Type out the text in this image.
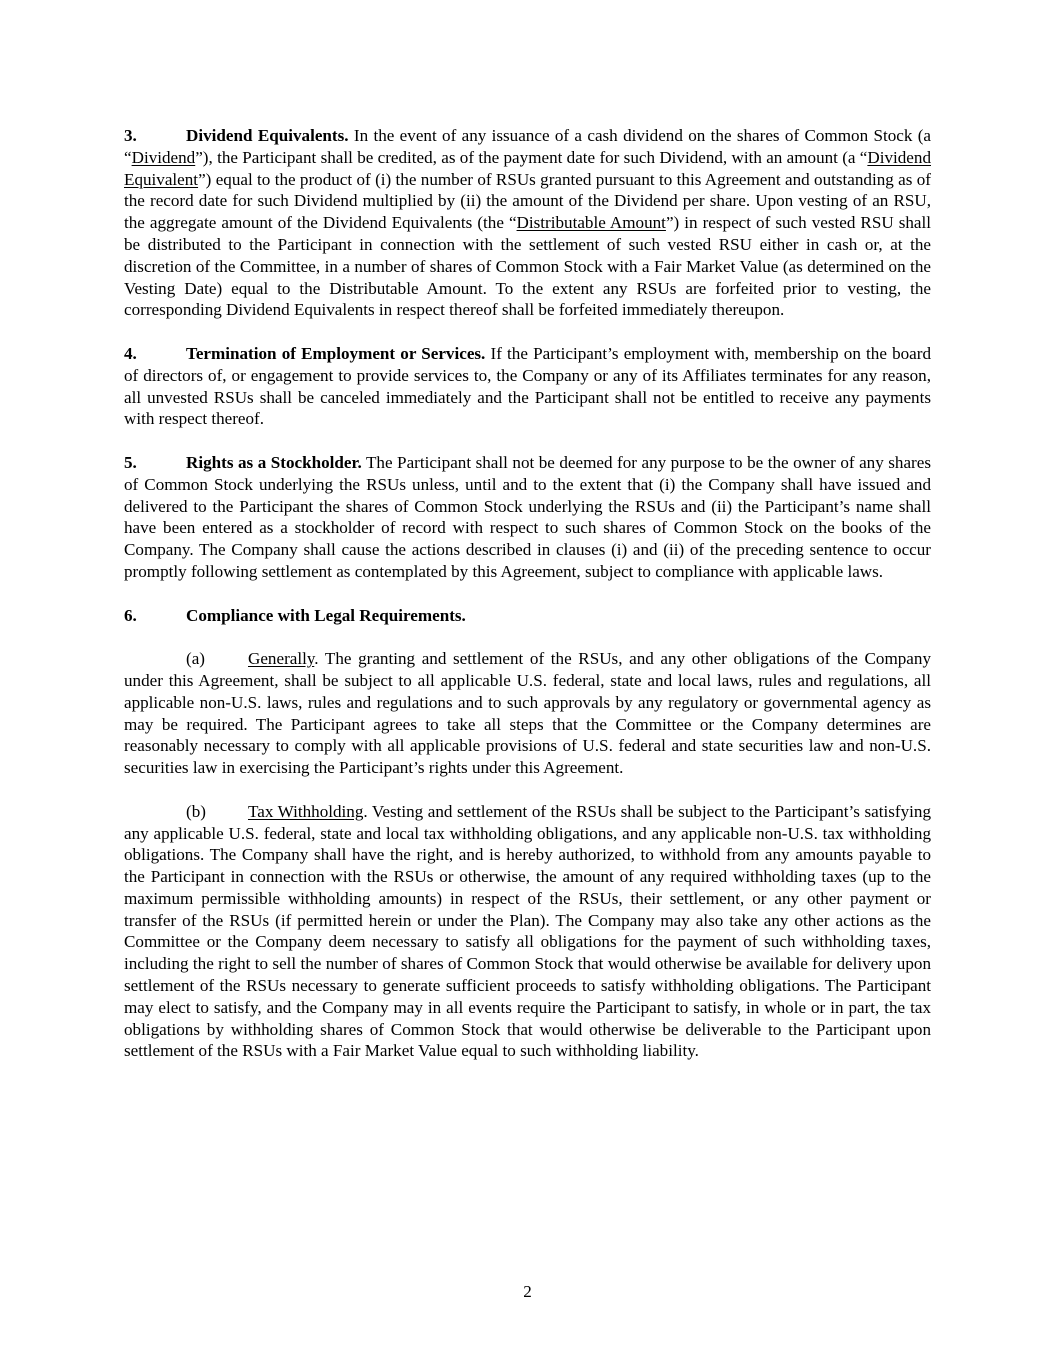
3.	Dividend Equivalents. In the event of any issuance of a cash dividend on the shares of Common Stock (a “Dividend”), the Participant shall be credited, as of the payment date for such Dividend, with an amount (a “Dividend Equivalent”) equal to the product of (i) the number of RSUs granted pursuant to this Agreement and outstanding as of the record date for such Dividend multiplied by (ii) the amount of the Dividend per share. Upon vesting of an RSU, the aggregate amount of the Dividend Equivalents (the “Distributable Amount”) in respect of such vested RSU shall be distributed to the Participant in connection with the settlement of such vested RSU either in cash or, at the discretion of the Committee, in a number of shares of Common Stock with a Fair Market Value (as determined on the Vesting Date) equal to the Distributable Amount. To the extent any RSUs are forfeited prior to vesting, the corresponding Dividend Equivalents in respect thereof shall be forfeited immediately thereupon.

4.	Termination of Employment or Services. If the Participant’s employment with, membership on the board of directors of, or engagement to provide services to, the Company or any of its Affiliates terminates for any reason, all unvested RSUs shall be canceled immediately and the Participant shall not be entitled to receive any payments with respect thereof.

5.	Rights as a Stockholder. The Participant shall not be deemed for any purpose to be the owner of any shares of Common Stock underlying the RSUs unless, until and to the extent that (i) the Company shall have issued and delivered to the Participant the shares of Common Stock underlying the RSUs and (ii) the Participant’s name shall have been entered as a stockholder of record with respect to such shares of Common Stock on the books of the Company. The Company shall cause the actions described in clauses (i) and (ii) of the preceding sentence to occur promptly following settlement as contemplated by this Agreement, subject to compliance with applicable laws.

6.	Compliance with Legal Requirements.

(a)	Generally. The granting and settlement of the RSUs, and any other obligations of the Company under this Agreement, shall be subject to all applicable U.S. federal, state and local laws, rules and regulations, all applicable non-U.S. laws, rules and regulations and to such approvals by any regulatory or governmental agency as may be required. The Participant agrees to take all steps that the Committee or the Company determines are reasonably necessary to comply with all applicable provisions of U.S. federal and state securities law and non-U.S. securities law in exercising the Participant’s rights under this Agreement.

(b) Tax Withholding. Vesting and settlement of the RSUs shall be subject to the Participant’s satisfying any applicable U.S. federal, state and local tax withholding obligations, and any applicable non-U.S. tax withholding obligations. The Company shall have the right, and is hereby authorized, to withhold from any amounts payable to the Participant in connection with the RSUs or otherwise, the amount of any required withholding taxes (up to the maximum permissible withholding amounts) in respect of the RSUs, their settlement, or any other payment or transfer of the RSUs (if permitted herein or under the Plan). The Company may also take any other actions as the Committee or the Company deem necessary to satisfy all obligations for the payment of such withholding taxes, including the right to sell the number of shares of Common Stock that would otherwise be available for delivery upon settlement of the RSUs necessary to generate sufficient proceeds to satisfy withholding obligations. The Participant may elect to satisfy, and the Company may in all events require the Participant to satisfy, in whole or in part, the tax obligations by withholding shares of Common Stock that would otherwise be deliverable to the Participant upon settlement of the RSUs with a Fair Market Value equal to such withholding liability.

2
